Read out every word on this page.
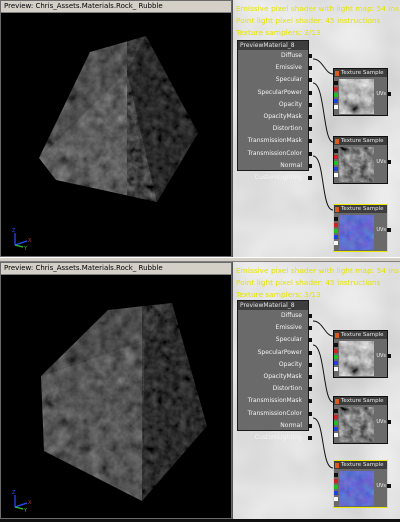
Preview: Chris_Assets.Materials.Rock_ Rubble
X
Y
Z
Emissive pixel shader with light map: 54 ins
Point light pixel shader: 45 instructions
Texture samplers: 3/13
PreviewMaterial_8
Diffuse
Emissive
Specular
SpecularPower
Opacity
OpacityMask
Distortion
TransmissionMask
TransmissionColor
Normal
CustomLighting
Texture Sample
UVs
Texture Sample
UVs
Texture Sample
UVs
Preview: Chris_Assets.Materials.Rock_ Rubble
X
Y
Z
Emissive pixel shader with light map: 54 ins
Point light pixel shader: 45 instructions
Texture samplers: 3/13
PreviewMaterial_8
Diffuse
Emissive
Specular
SpecularPower
Opacity
OpacityMask
Distortion
TransmissionMask
TransmissionColor
Normal
CustomLighting
Texture Sample
UVs
Texture Sample
UVs
Texture Sample
UVs
